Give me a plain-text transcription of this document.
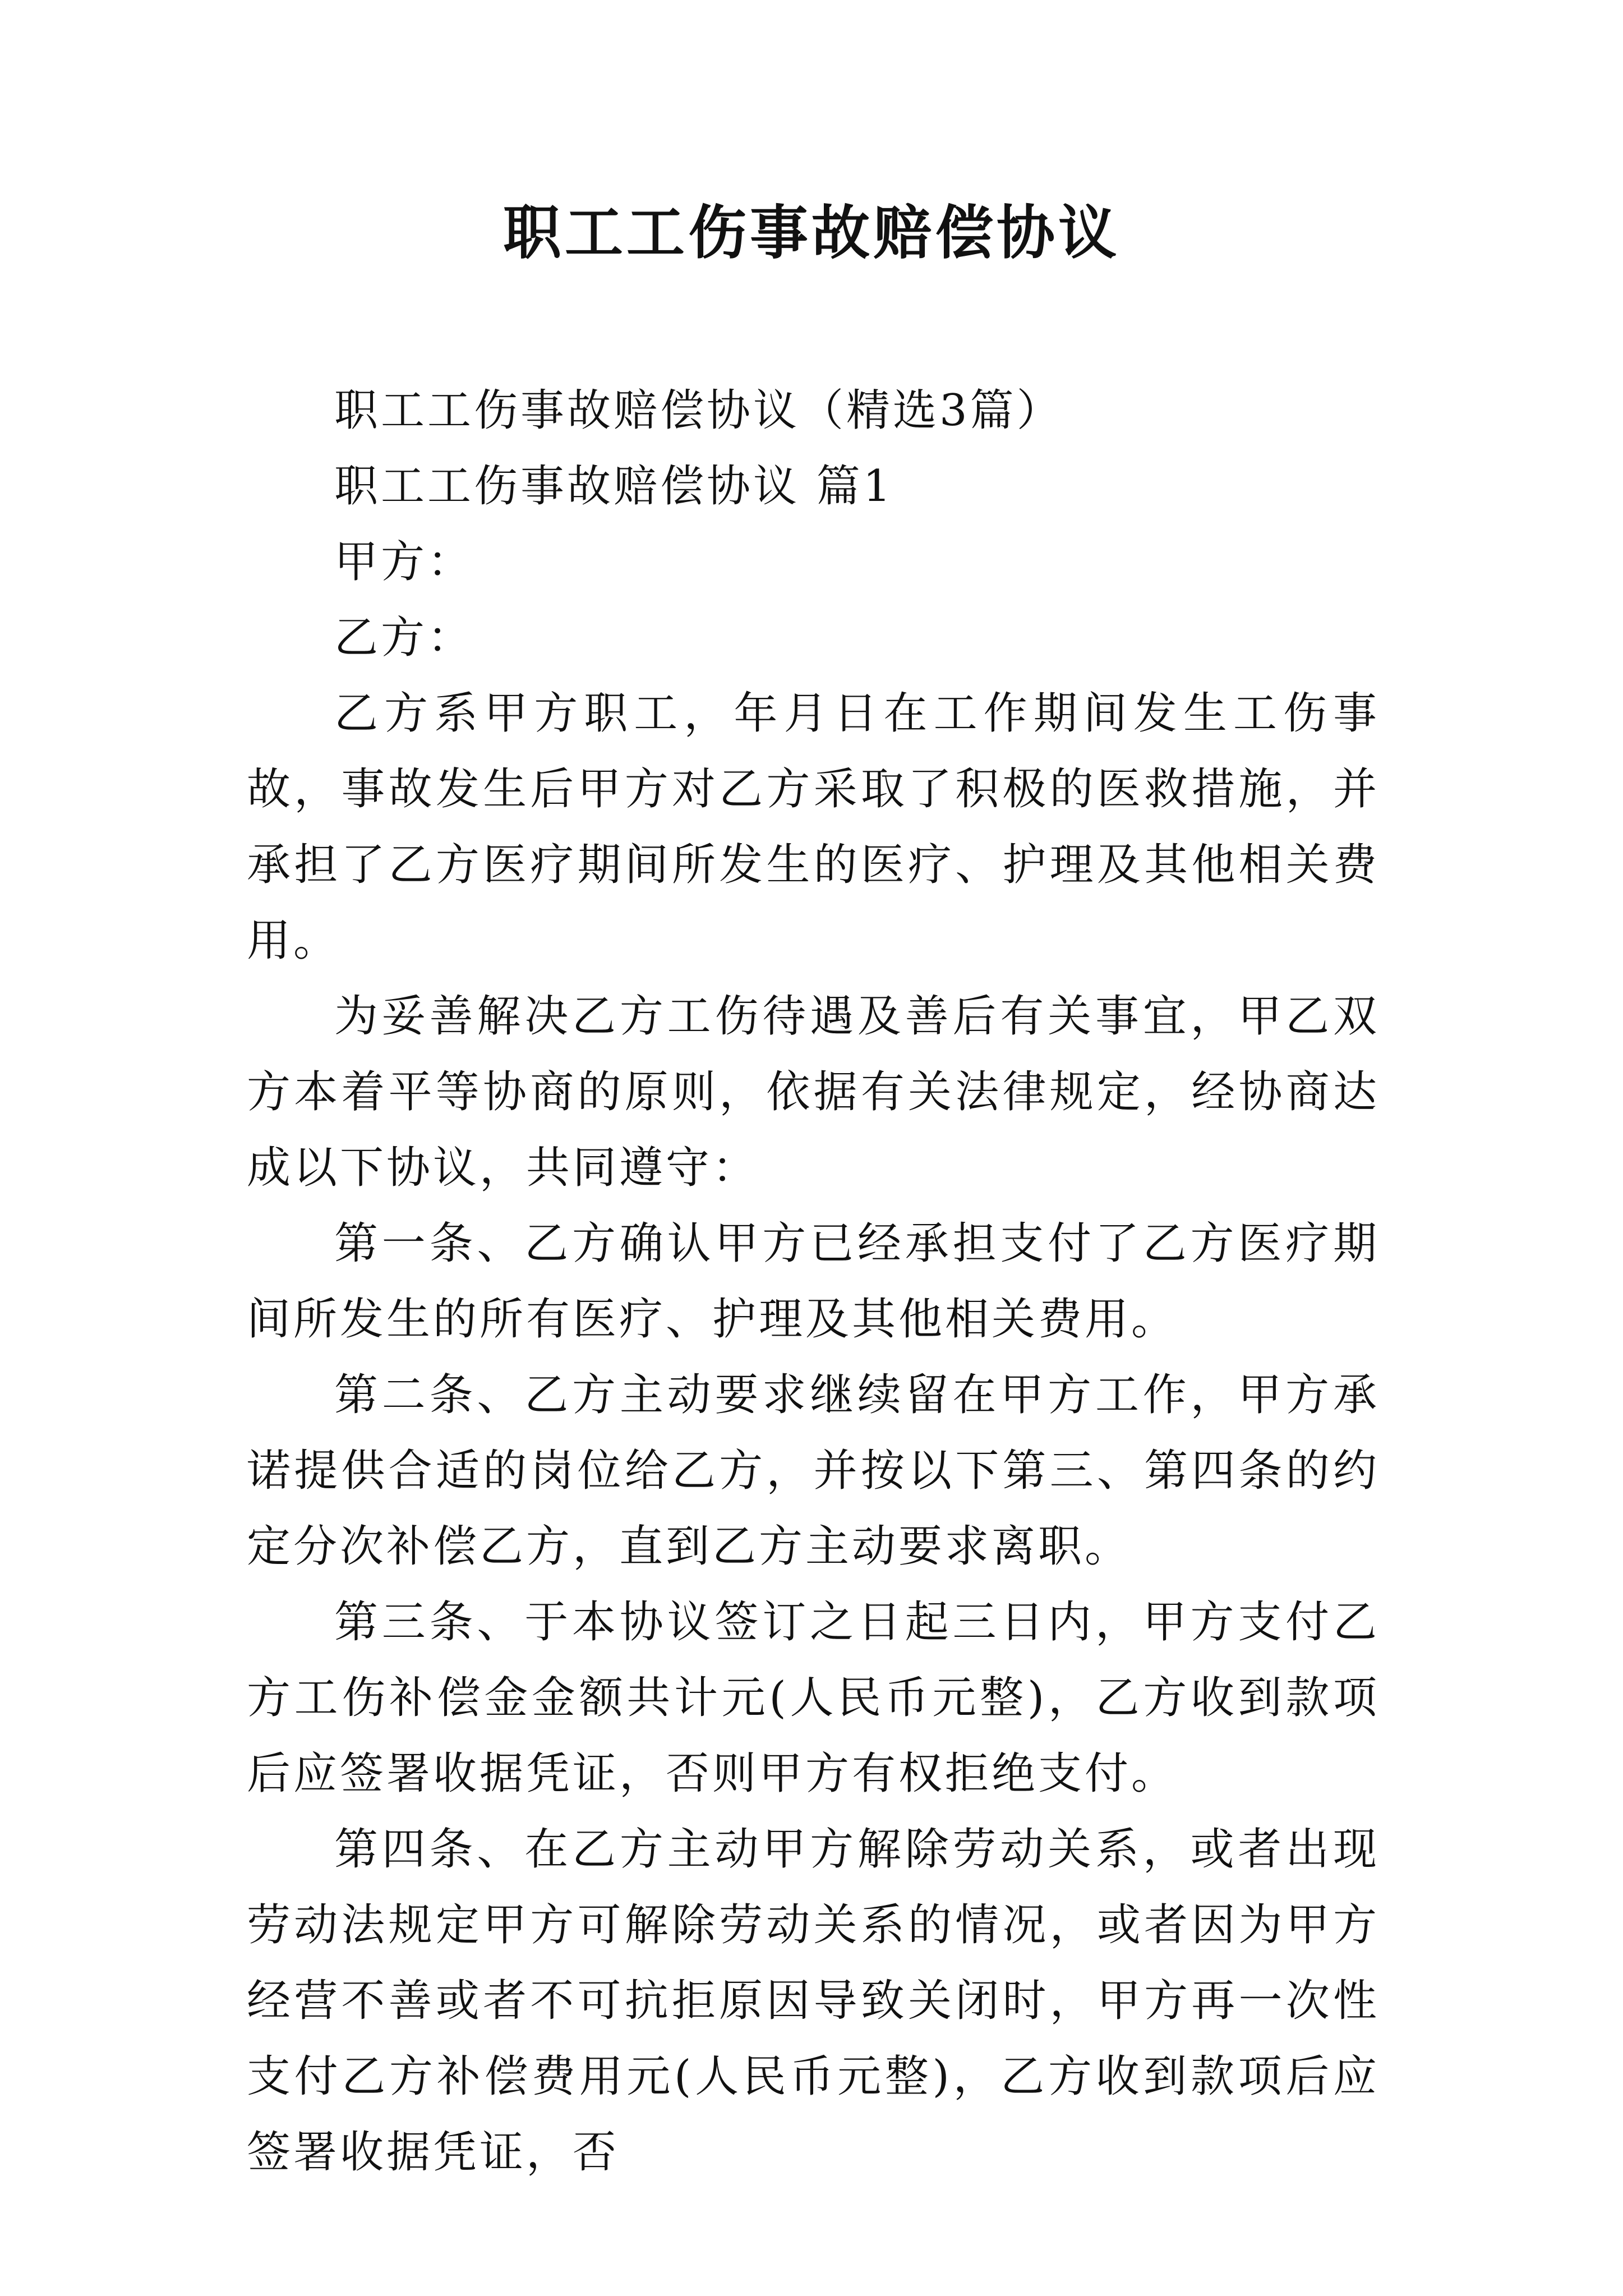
职工工伤事故赔偿协议

职工工伤事故赔偿协议（精选3篇）

职工工伤事故赔偿协议 篇1

甲方：

乙方：

乙方系甲方职工，年月日在工作期间发生工伤事故，事故发生后甲方对乙方采取了积极的医救措施，并承担了乙方医疗期间所发生的医疗、护理及其他相关费用。

为妥善解决乙方工伤待遇及善后有关事宜，甲乙双方本着平等协商的原则，依据有关法律规定，经协商达成以下协议，共同遵守：

第一条、乙方确认甲方已经承担支付了乙方医疗期间所发生的所有医疗、护理及其他相关费用。

第二条、乙方主动要求继续留在甲方工作，甲方承诺提供合适的岗位给乙方，并按以下第三、第四条的约定分次补偿乙方，直到乙方主动要求离职。

第三条、于本协议签订之日起三日内，甲方支付乙方工伤补偿金金额共计元(人民币元整)，乙方收到款项后应签署收据凭证，否则甲方有权拒绝支付。

第四条、在乙方主动甲方解除劳动关系，或者出现劳动法规定甲方可解除劳动关系的情况，或者因为甲方经营不善或者不可抗拒原因导致关闭时，甲方再一次性支付乙方补偿费用元(人民币元整)，乙方收到款项后应签署收据凭证，否
